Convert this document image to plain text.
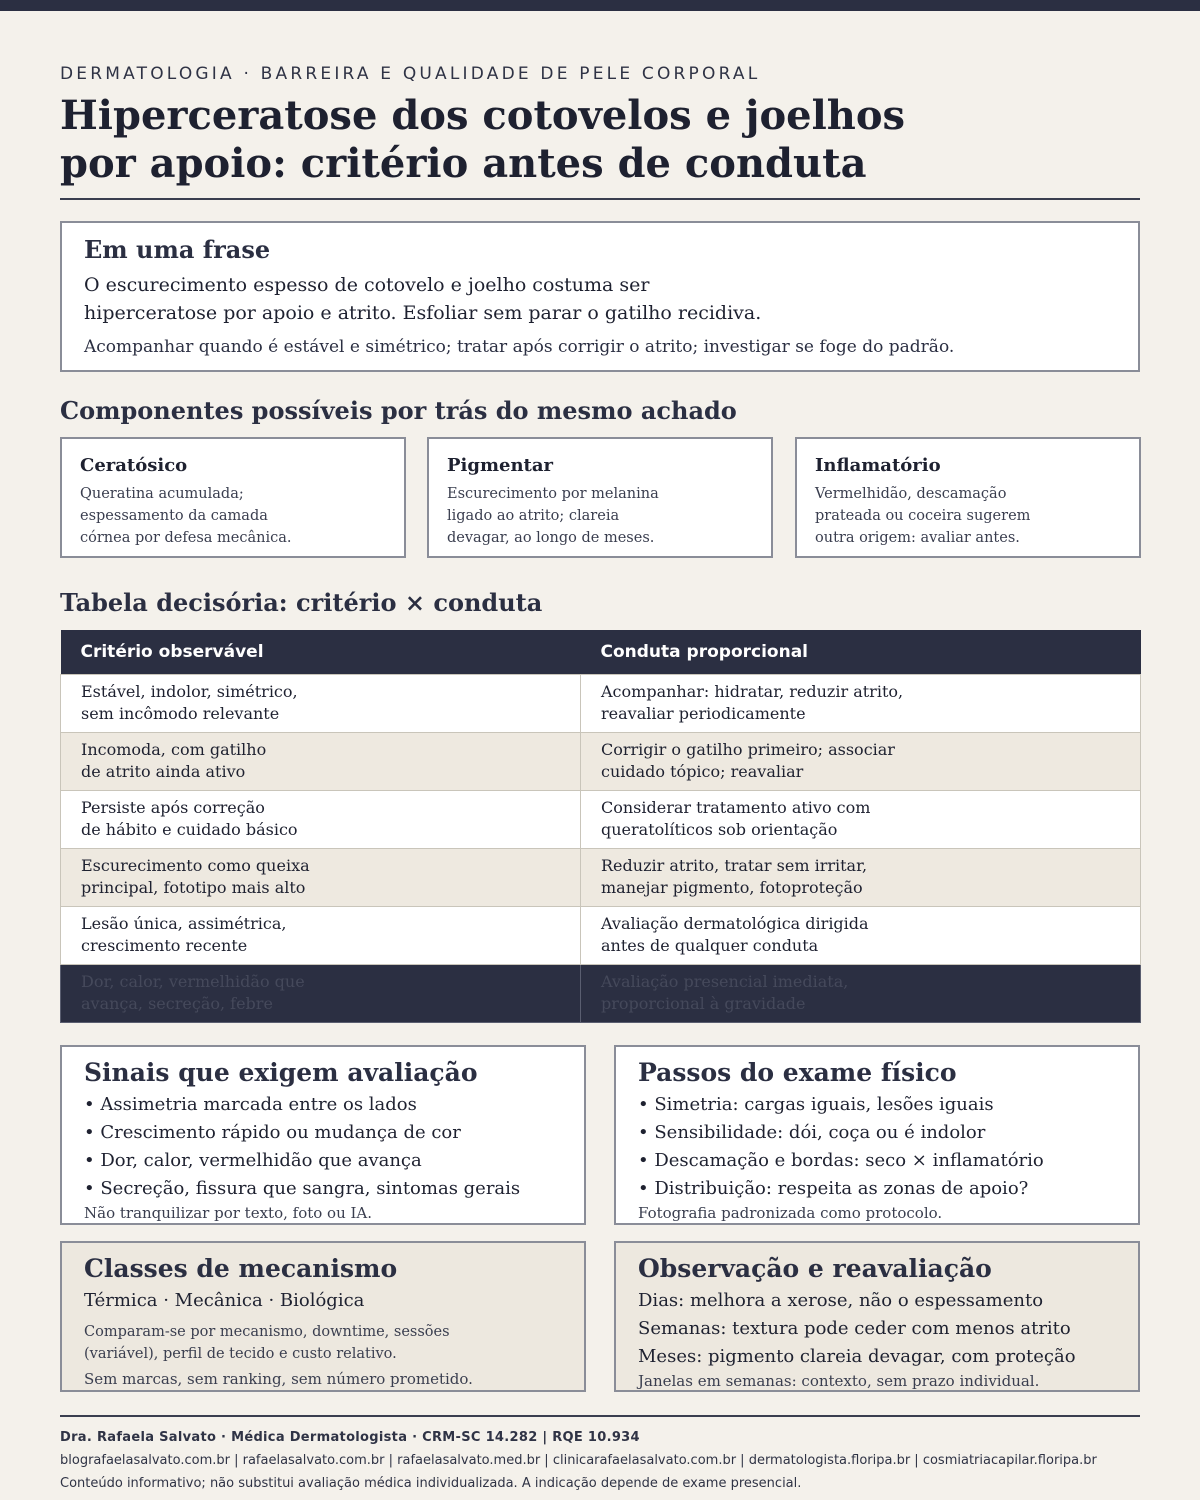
DERMATOLOGIA · BARREIRA E QUALIDADE DE PELE CORPORAL
Hiperceratose dos cotovelos e joelhos
por apoio: critério antes de conduta
Em uma frase

O escurecimento espesso de cotovelo e joelho costuma ser
hiperceratose por apoio e atrito. Esfoliar sem parar o gatilho recidiva.

Acompanhar quando é estável e simétrico; tratar após corrigir o atrito; investigar se foge do padrão.

Componentes possíveis por trás do mesmo achado
Ceratósico

Queratina acumulada;
espessamento da camada
córnea por defesa mecânica.

Pigmentar

Escurecimento por melanina
ligado ao atrito; clareia
devagar, ao longo de meses.

Inflamatório

Vermelhidão, descamação
prateada ou coceira sugerem
outra origem: avaliar antes.

Tabela decisória: critério × conduta
Critério observável	Conduta proporcional

Estável, indolor, simétrico,
sem incômodo relevante	Acompanhar: hidratar, reduzir atrito,
reavaliar periodicamente

Incomoda, com gatilho
de atrito ainda ativo	Corrigir o gatilho primeiro; associar
cuidado tópico; reavaliar

Persiste após correção
de hábito e cuidado básico	Considerar tratamento ativo com
queratolíticos sob orientação

Escurecimento como queixa
principal, fototipo mais alto	Reduzir atrito, tratar sem irritar,
manejar pigmento, fotoproteção

Lesão única, assimétrica,
crescimento recente	Avaliação dermatológica dirigida
antes de qualquer conduta

Dor, calor, vermelhidão que
avança, secreção, febre	Avaliação presencial imediata,
proporcional à gravidade
Sinais que exigem avaliação
• Assimetria marcada entre os lados
• Crescimento rápido ou mudança de cor
• Dor, calor, vermelhidão que avança
• Secreção, fissura que sangra, sintomas gerais

Não tranquilizar por texto, foto ou IA.

Passos do exame físico
• Simetria: cargas iguais, lesões iguais
• Sensibilidade: dói, coça ou é indolor
• Descamação e bordas: seco × inflamatório
• Distribuição: respeita as zonas de apoio?

Fotografia padronizada como protocolo.

Classes de mecanismo

Térmica · Mecânica · Biológica

Comparam-se por mecanismo, downtime, sessões
(variável), perfil de tecido e custo relativo.

Sem marcas, sem ranking, sem número prometido.

Observação e reavaliação

Dias: melhora a xerose, não o espessamento

Semanas: textura pode ceder com menos atrito

Meses: pigmento clareia devagar, com proteção

Janelas em semanas: contexto, sem prazo individual.

Dra. Rafaela Salvato · Médica Dermatologista · CRM-SC 14.282 | RQE 10.934
blografaelasalvato.com.br | rafaelasalvato.com.br | rafaelasalvato.med.br | clinicarafaelasalvato.com.br | dermatologista.floripa.br | cosmiatriacapilar.floripa.br
Conteúdo informativo; não substitui avaliação médica individualizada. A indicação depende de exame presencial.
